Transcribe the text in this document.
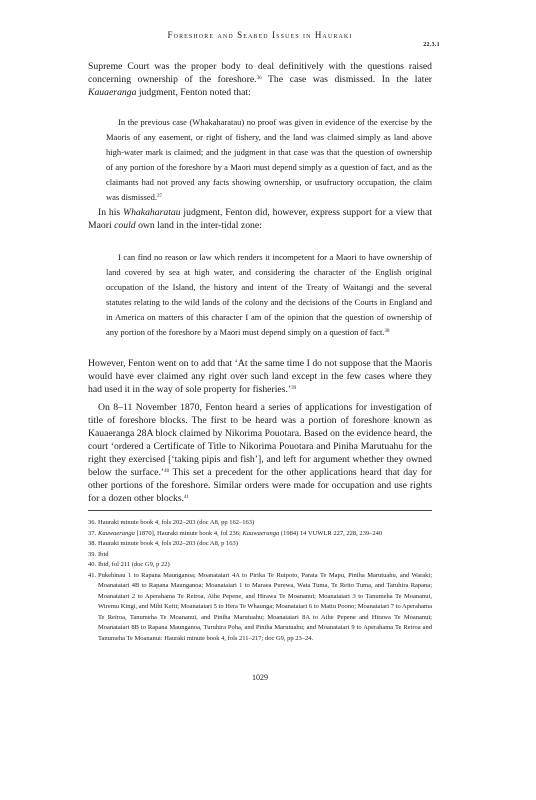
Foreshore and Seabed Issues in Hauraki
22.3.1

Supreme Court was the proper body to deal definitively with the questions raised concerning ownership of the foreshore.$^{36}$ The case was dismissed. In the later Kauaeranga judgment, Fenton noted that:

In the previous case (Whakaharatau) no proof was given in evidence of the exercise by the Maoris of any easement, or right of fishery, and the land was claimed simply as land above high-water mark is claimed; and the judgment in that case was that the question of ownership of any portion of the foreshore by a Maori must depend simply as a question of fact, and as the claimants had not proved any facts showing ownership, or usufructory occupation, the claim was dismissed.$^{37}$

In his Whakaharatau judgment, Fenton did, however, express support for a view that Maori could own land in the inter-tidal zone:

I can find no reason or law which renders it incompetent for a Maori to have ownership of land covered by sea at high water, and considering the character of the English original occupation of the Island, the history and intent of the Treaty of Waitangi and the several statutes relating to the wild lands of the colony and the decisions of the Courts in England and in America on matters of this character I am of the opinion that the question of ownership of any portion of the foreshore by a Maori must depend simply on a question of fact.$^{38}$

However, Fenton went on to add that ‘At the same time I do not suppose that the Maoris would have ever claimed any right over such land except in the few cases where they had used it in the way of sole property for fisheries.’$^{39}$

On 8–11 November 1870, Fenton heard a series of applications for investigation of title of foreshore blocks. The first to be heard was a portion of foreshore known as Kauaeranga 28A block claimed by Nikorima Pouotara. Based on the evidence heard, the court ‘ordered a Certificate of Title to Nikorima Pouotara and Piniha Marutuahu for the right they exercised [‘taking pipis and fish’], and left for argument whether they owned below the surface.’$^{40}$ This set a precedent for the other applications heard that day for other portions of the foreshore. Similar orders were made for occupation and use rights for a dozen other blocks.$^{41}$

36. Hauraki minute book 4, fols 202–203 (doc A8, pp 162–163)
37. Kauwaeranga [1870], Hauraki minute book 4, fol 236; Kauwaeranga (1984) 14 VUWLR 227, 228, 239–240
38. Hauraki minute book 4, fols 202–203 (doc A8, p 163)
39. Ibid
40. Ibid, fol 211 (doc G9, p 22)
41. Pukehinau 1 to Rapana Maunganoa; Moanataiari 4A to Pirika Te Ruipoto, Parata Te Mapu, Piniha Marutuahu, and Waraki; Moanataiari 4B to Rapana Maunganoa; Moanataiari 1 to Maraea Purewa, Wata Tuma, Te Reito Tuma, and Taruhira Rapana; Moanataiari 2 to Aperahama Te Reiroa, Aihe Pepene, and Hirawa Te Moananui; Moanataiari 3 to Tanumeha Te Moananui, Wiremu Kingi, and Mihi Keiti; Moanataiari 5 to Hera Te Whaunga; Moanataiari 6 to Matiu Poono; Moanataiari 7 to Aperahama Te Reiroa, Tanumeha Te Moananui, and Piniha Marutuahu; Moanataiari 8A to Aihe Pepene and Hirawa Te Moananui; Moanataiari 8B to Rapana Maunganoa, Turuhira Poha, and Piniha Marutuahu; and Moanataiari 9 to Aperahama Te Reiroa and Tanumeha Te Moananui: Hauraki minute book 4, fols 211–217; doc G9, pp 23–24.
1029
